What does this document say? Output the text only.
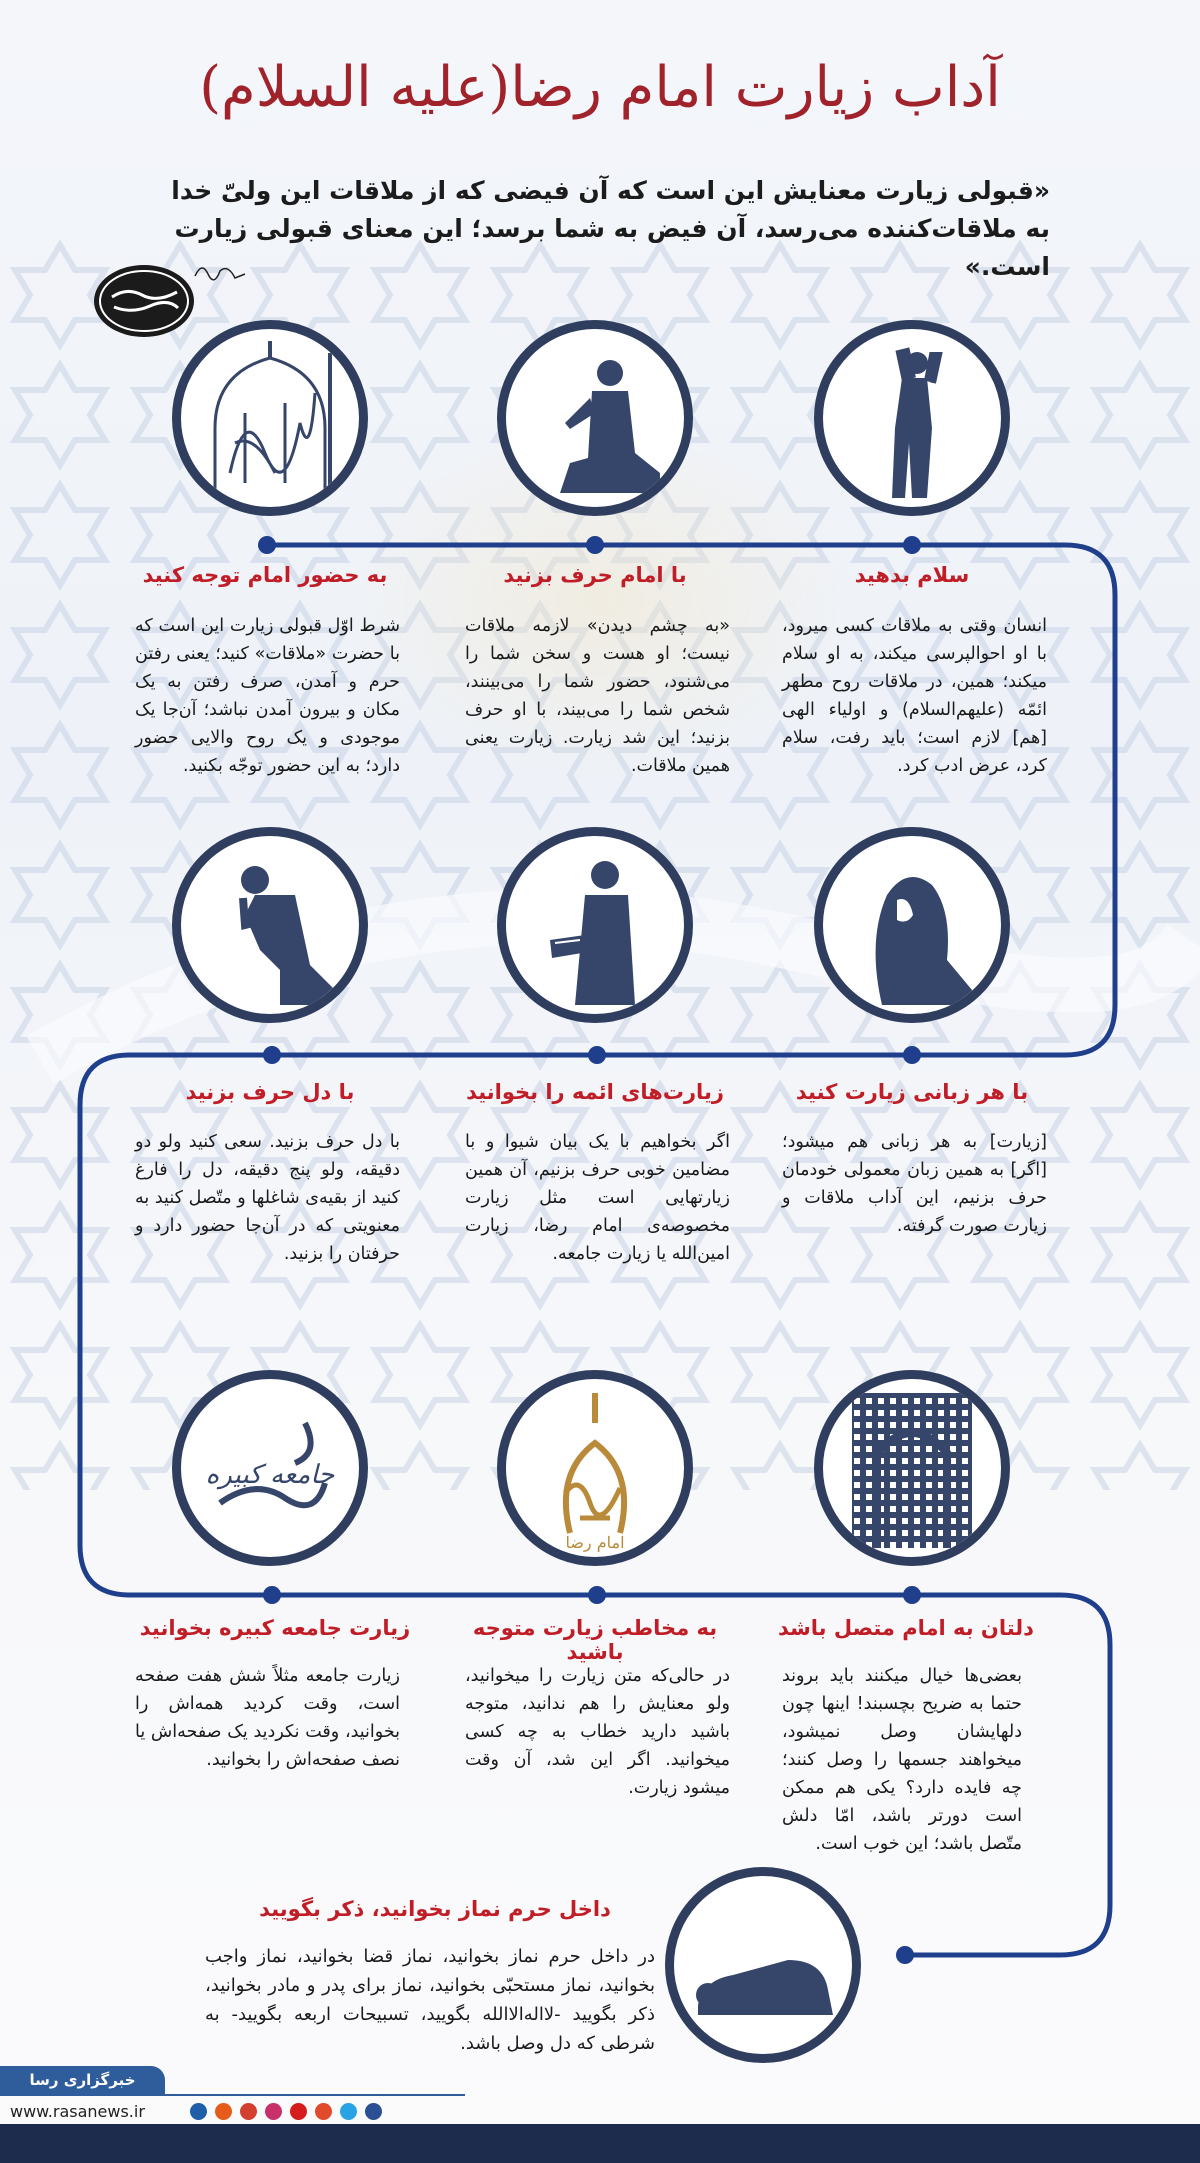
آداب زیارت امام رضا(علیه السلام)
«قبولی زیارت معنایش این است که آن فیضی که از ملاقات این ولیّ خدا به ملاقات‌کننده می‌رسد، آن فیض به شما برسد؛ این معنای قبولی زیارت است.»
سلام بدهید
با امام حرف بزنید
به حضور امام توجه کنید
انسان وقتی به ملاقات کسی میرود، با او احوالپرسی میکند، به او سلام میکند؛ همین، در ملاقات روح مطهر ائمّه (علیهم‌السلام) و اولیاء الهی [هم] لازم است؛ باید رفت، سلام کرد، عرض ادب کرد.
«به چشم دیدن» لازمه ملاقات نیست؛ او هست و سخن شما را می‌شنود، حضور شما را می‌بینند، شخص شما را می‌بیند، با او حرف بزنید؛ این شد زیارت. زیارت یعنی همین ملاقات.
شرط اوّل قبولی زیارت این است که با حضرت «ملاقات» کنید؛ یعنی رفتن حرم و آمدن، صرف رفتن به یک مکان و بیرون آمدن نباشد؛ آن‌جا یک موجودی و یک روح والایی حضور دارد؛ به این حضور توجّه بکنید.
با هر زبانی زیارت کنید
زیارت‌های ائمه را بخوانید
با دل حرف بزنید
[زیارت] به هر زبانی هم میشود؛ [اگر] به همین زبان معمولی خودمان حرف بزنیم، این آداب ملاقات و زیارت صورت گرفته.
اگر بخواهیم با یک بیان شیوا و با مضامین خوبی حرف بزنیم، آن همین زیارتهایی است مثل زیارت مخصوصه‌ی امام رضا، زیارت امین‌الله یا زیارت جامعه.
با دل حرف بزنید. سعی کنید ولو دو دقیقه، ولو پنج دقیقه، دل را فارغ کنید از بقیه‌ی شاغلها و متّصل کنید به معنویتی که در آن‌جا حضور دارد و حرفتان را بزنید.
امام رضا
جامعه کبیره
دلتان به امام متصل باشد
به مخاطب زیارت متوجه باشید
زیارت جامعه کبیره بخوانید
بعضی‌ها خیال میکنند باید بروند حتما به ضریح بچسبند! اینها چون دلهایشان وصل نمیشود، میخواهند جسمها را وصل کنند؛ چه فایده دارد؟ یکی هم ممکن است دورتر باشد، امّا دلش متّصل باشد؛ این خوب است.
در حالی‌که متن زیارت را میخوانید، ولو معنایش را هم ندانید، متوجه باشید دارید خطاب به چه کسی میخوانید. اگر این شد، آن وقت میشود زیارت.
زیارت جامعه مثلاً شش هفت صفحه است، وقت کردید همه‌اش را بخوانید، وقت نکردید یک صفحه‌اش یا نصف صفحه‌اش را بخوانید.
داخل حرم نماز بخوانید، ذکر بگویید
در داخل حرم نماز بخوانید، نماز قضا بخوانید، نماز واجب بخوانید، نماز مستحبّی بخوانید، نماز برای پدر و مادر بخوانید، ذکر بگویید -لااله‌الاالله بگویید، تسبیحات اربعه بگویید- به شرطی که دل وصل باشد.
خبرگزاری رسا
www.rasanews.ir
